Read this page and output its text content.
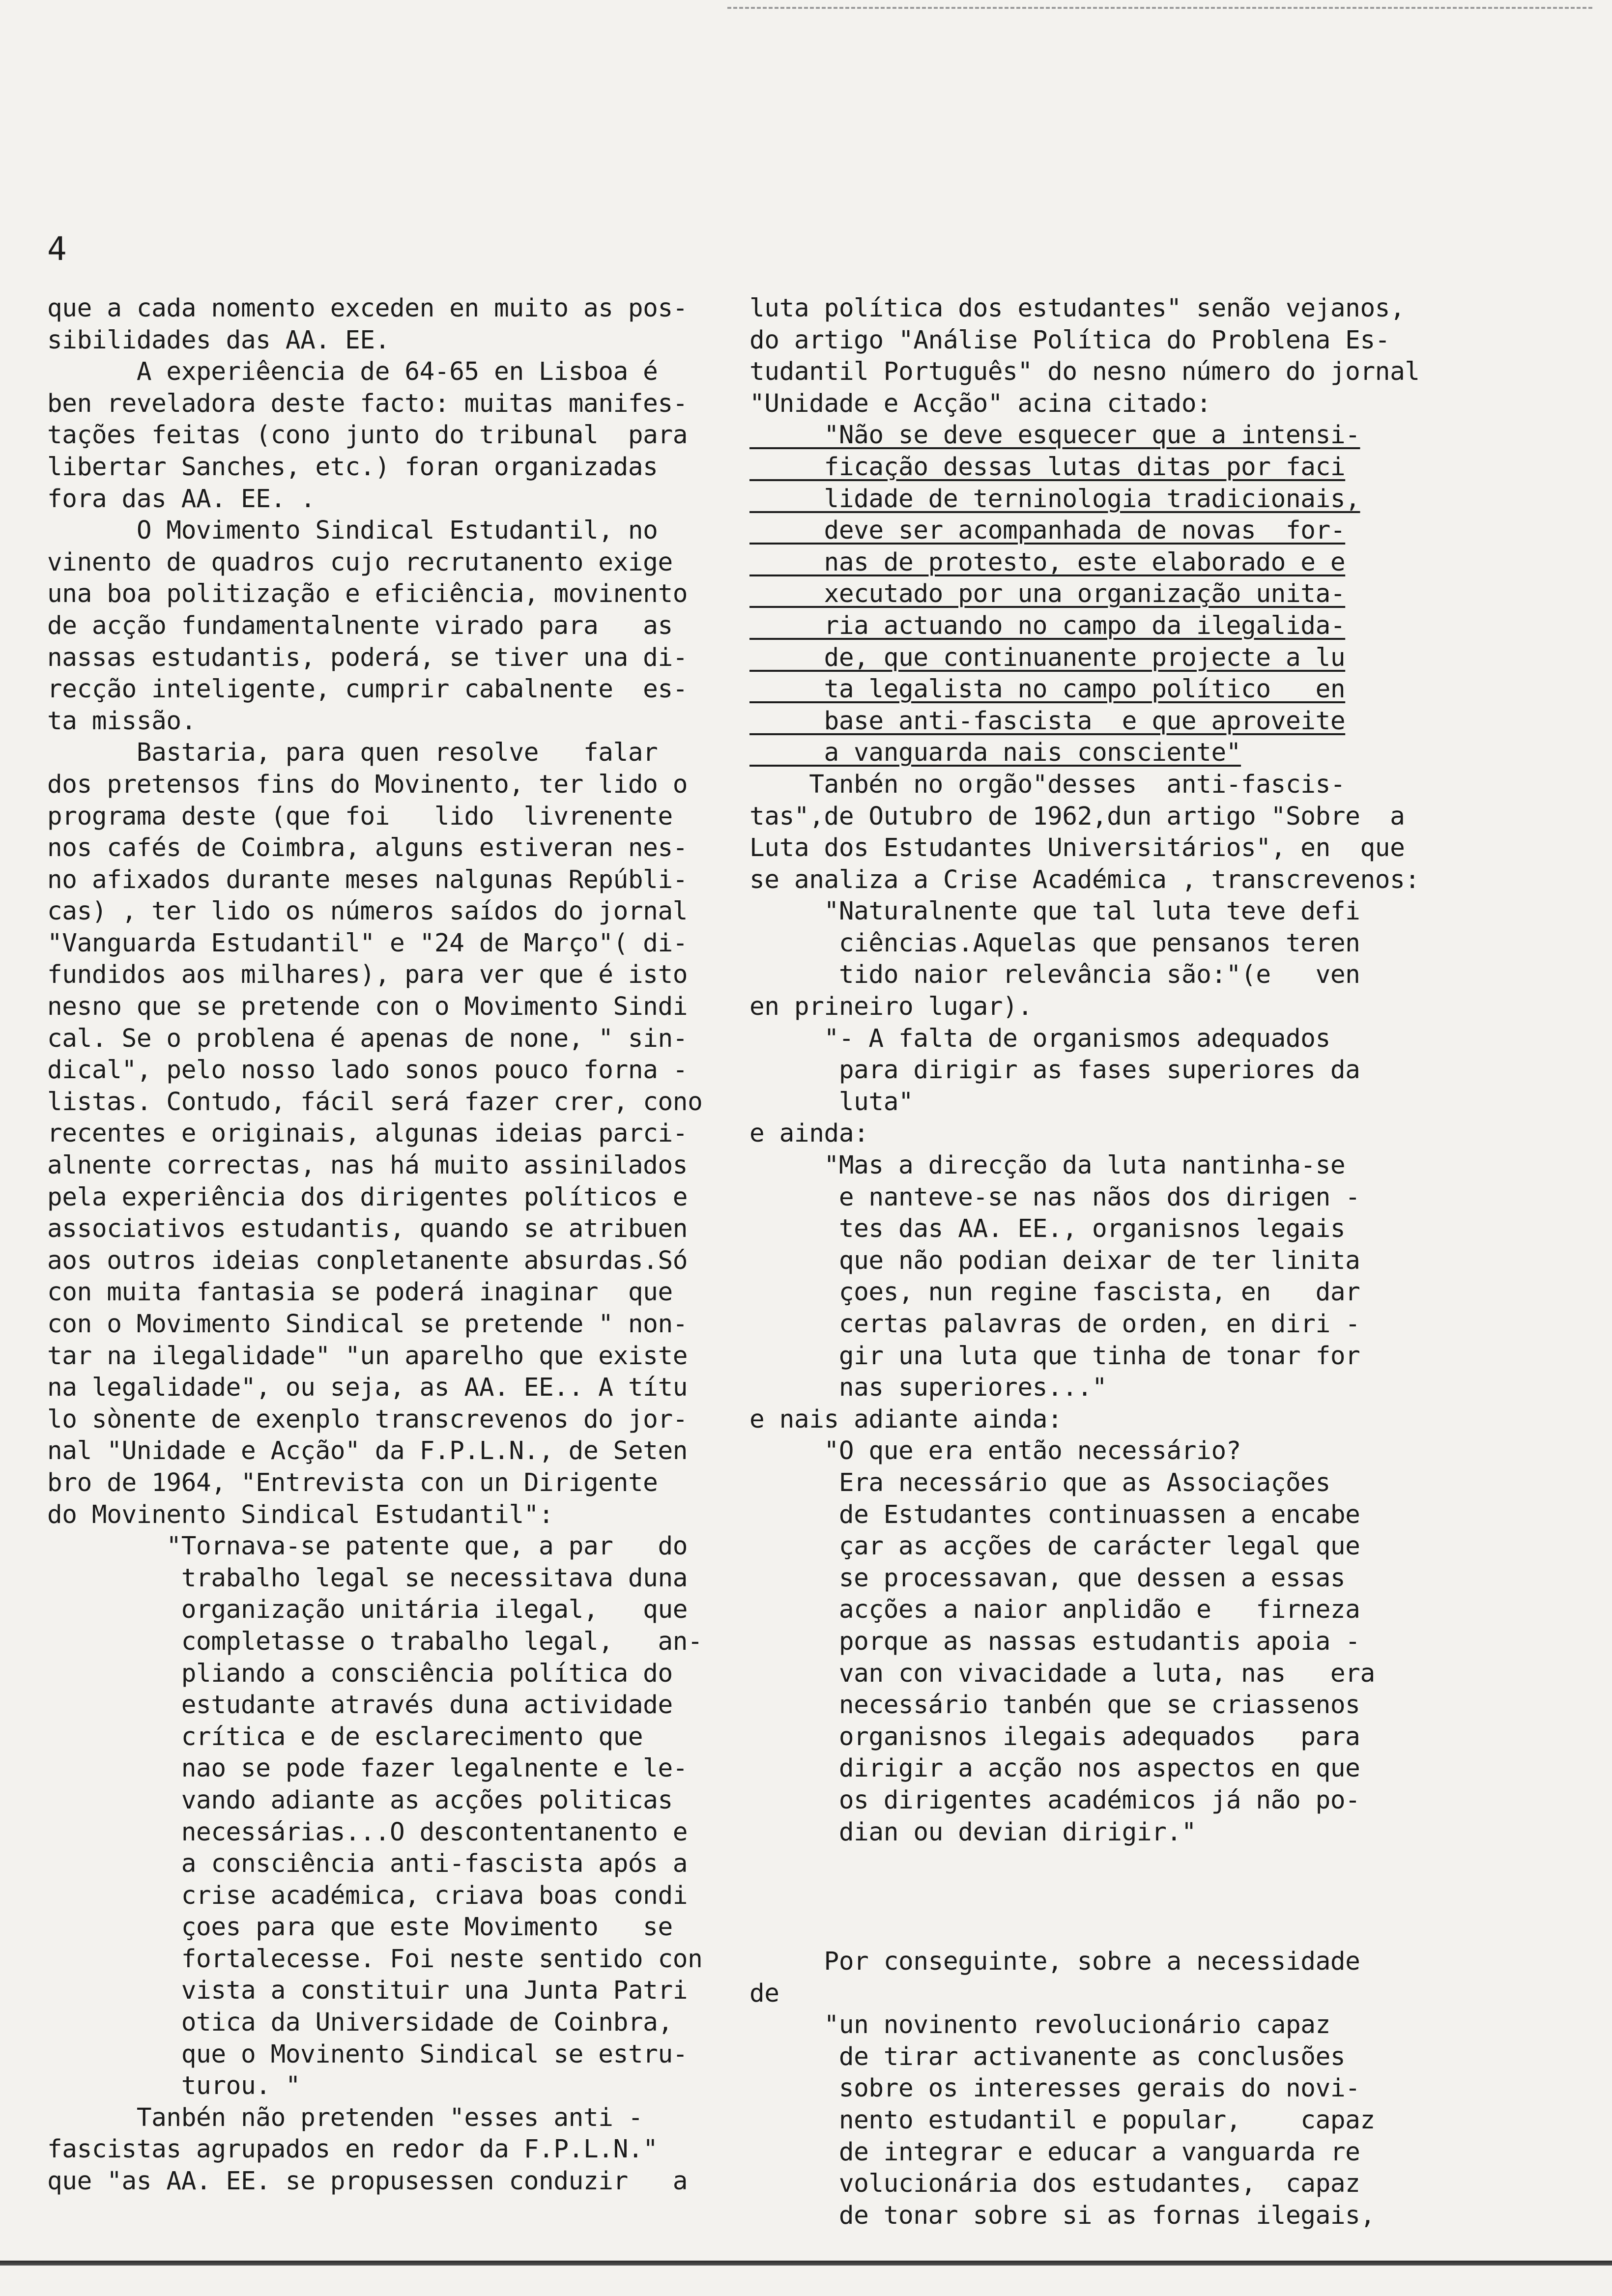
4
que a cada nomento exceden en muito as pos-
sibilidades das AA. EE.
A experiêencia de 64-65 en Lisboa é
ben reveladora deste facto: muitas manifes-
tações feitas (cono junto do tribunal  para
libertar Sanches, etc.) foran organizadas
fora das AA. EE. .
O Movimento Sindical Estudantil, no
vinento de quadros cujo recrutanento exige
una boa politização e eficiência, movinento
de acção fundamentalnente virado para   as
nassas estudantis, poderá, se tiver una di-
recção inteligente, cumprir cabalnente  es-
ta missão.
Bastaria, para quen resolve   falar
dos pretensos fins do Movinento, ter lido o
programa deste (que foi   lido  livrenente
nos cafés de Coimbra, alguns estiveran nes-
no afixados durante meses nalgunas Repúbli-
cas) , ter lido os números saídos do jornal
"Vanguarda Estudantil" e "24 de Março"( di-
fundidos aos milhares), para ver que é isto
nesno que se pretende con o Movimento Sindi
cal. Se o problena é apenas de none, " sin-
dical", pelo nosso lado sonos pouco forna -
listas. Contudo, fácil será fazer crer, cono
recentes e originais, algunas ideias parci-
alnente correctas, nas há muito assinilados
pela experiência dos dirigentes políticos e
associativos estudantis, quando se atribuen
aos outros ideias conpletanente absurdas.Só
con muita fantasia se poderá inaginar  que
con o Movimento Sindical se pretende " non-
tar na ilegalidade" "un aparelho que existe
na legalidade", ou seja, as AA. EE.. A títu
lo sònente de exenplo transcrevenos do jor-
nal "Unidade e Acção" da F.P.L.N., de Seten
bro de 1964, "Entrevista con un Dirigente
do Movinento Sindical Estudantil":
"Tornava-se patente que, a par   do
trabalho legal se necessitava duna
organização unitária ilegal,   que
completasse o trabalho legal,   an-
pliando a consciência política do
estudante através duna actividade
crítica e de esclarecimento que
nao se pode fazer legalnente e le-
vando adiante as acções politicas
necessárias...O descontentanento e
a consciência anti-fascista após a
crise académica, criava boas condi
çoes para que este Movimento   se
fortalecesse. Foi neste sentido con
vista a constituir una Junta Patri
otica da Universidade de Coinbra,
que o Movinento Sindical se estru-
turou. "
Tanbén não pretenden "esses anti -
fascistas agrupados en redor da F.P.L.N."
que "as AA. EE. se propusessen conduzir   a
luta política dos estudantes" senão vejanos,
do artigo "Análise Política do Problena Es-
tudantil Português" do nesno número do jornal
"Unidade e Acção" acina citado:
"Não se deve esquecer que a intensi-
ficação dessas lutas ditas por faci
lidade de terninologia tradicionais,
deve ser acompanhada de novas  for-
nas de protesto, este elaborado e e
xecutado por una organização unita-
ria actuando no campo da ilegalida-
de, que continuanente projecte a lu
ta legalista no campo político   en
base anti-fascista  e que aproveite
a vanguarda nais consciente"
Tanbén no orgão"desses  anti-fascis-
tas",de Outubro de 1962,dun artigo "Sobre  a
Luta dos Estudantes Universitários", en  que
se analiza a Crise Académica , transcrevenos:
"Naturalnente que tal luta teve defi
ciências.Aquelas que pensanos teren
tido naior relevância são:"(e   ven
en prineiro lugar).
"- A falta de organismos adequados
para dirigir as fases superiores da
luta"
e ainda:
"Mas a direcção da luta nantinha-se
e nanteve-se nas nãos dos dirigen -
tes das AA. EE., organisnos legais
que não podian deixar de ter linita
çoes, nun regine fascista, en   dar
certas palavras de orden, en diri -
gir una luta que tinha de tonar for
nas superiores..."
e nais adiante ainda:
"O que era então necessário?
Era necessário que as Associações
de Estudantes continuassen a encabe
çar as acções de carácter legal que
se processavan, que dessen a essas
acções a naior anplidão e   firneza
porque as nassas estudantis apoia -
van con vivacidade a luta, nas   era
necessário tanbén que se criassenos
organisnos ilegais adequados   para
dirigir a acção nos aspectos en que
os dirigentes académicos já não po-
dian ou devian dirigir."
Por conseguinte, sobre a necessidade
de
"un novinento revolucionário capaz
de tirar activanente as conclusões
sobre os interesses gerais do novi-
nento estudantil e popular,    capaz
de integrar e educar a vanguarda re
volucionária dos estudantes,  capaz
de tonar sobre si as fornas ilegais,
